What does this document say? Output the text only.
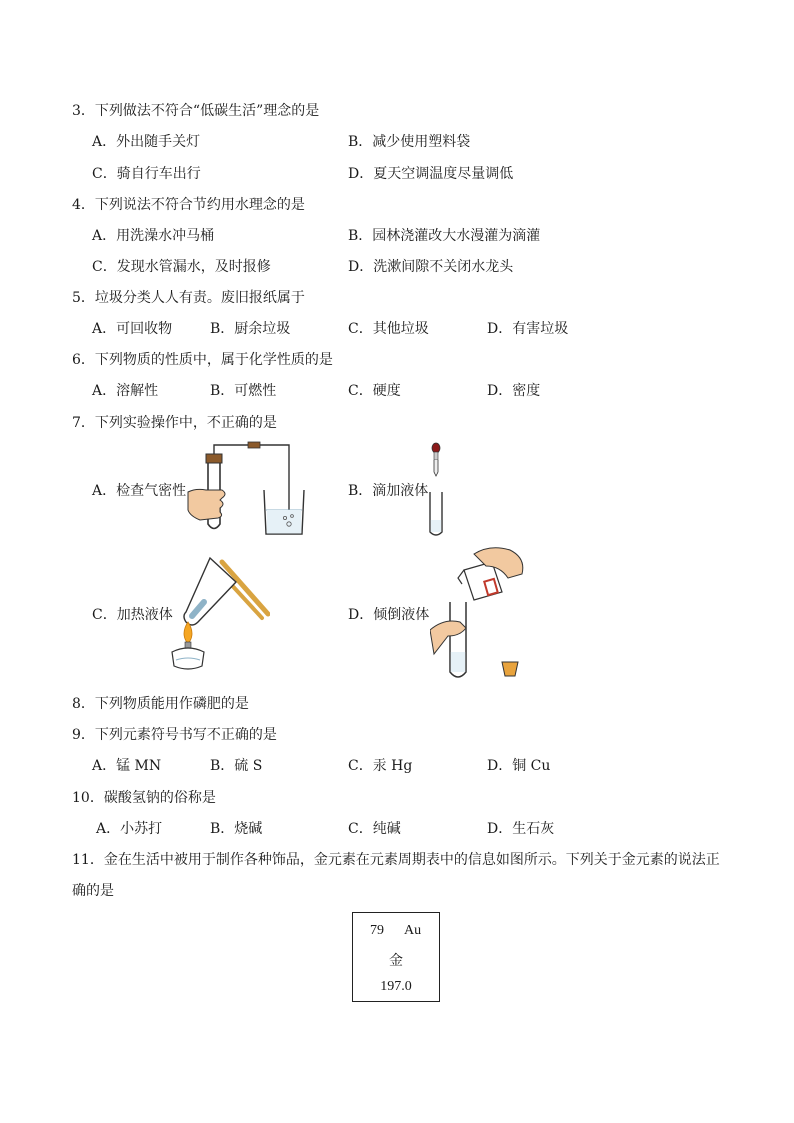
3．下列做法不符合“低碳生活”理念的是
A．外出随手关灯	B．减少使用塑料袋
C．骑自行车出行	D．夏天空调温度尽量调低
4．下列说法不符合节约用水理念的是
A．用洗澡水冲马桶	B．园林浇灌改大水漫灌为滴灌
C．发现水管漏水，及时报修	D．洗漱间隙不关闭水龙头
5．垃圾分类人人有责。废旧报纸属于
A．可回收物	B．厨余垃圾	C．其他垃圾	D．有害垃圾
6．下列物质的性质中，属于化学性质的是
A．溶解性	B．可燃性	C．硬度	D．密度
7．下列实验操作中，不正确的是
A．检查气密性	B．滴加液体
C．加热液体	D．倾倒液体
8．下列物质能用作磷肥的是
9．下列元素符号书写不正确的是
A．锰 MN	B．硫 S	C．汞 Hg	D．铜 Cu
10．碳酸氢钠的俗称是
A．小苏打	B．烧碱	C．纯碱	D．生石灰
11．金在生活中被用于制作各种饰品，金元素在元素周期表中的信息如图所示。下列关于金元素的说法正
确的是
79 Au
金
197.0
